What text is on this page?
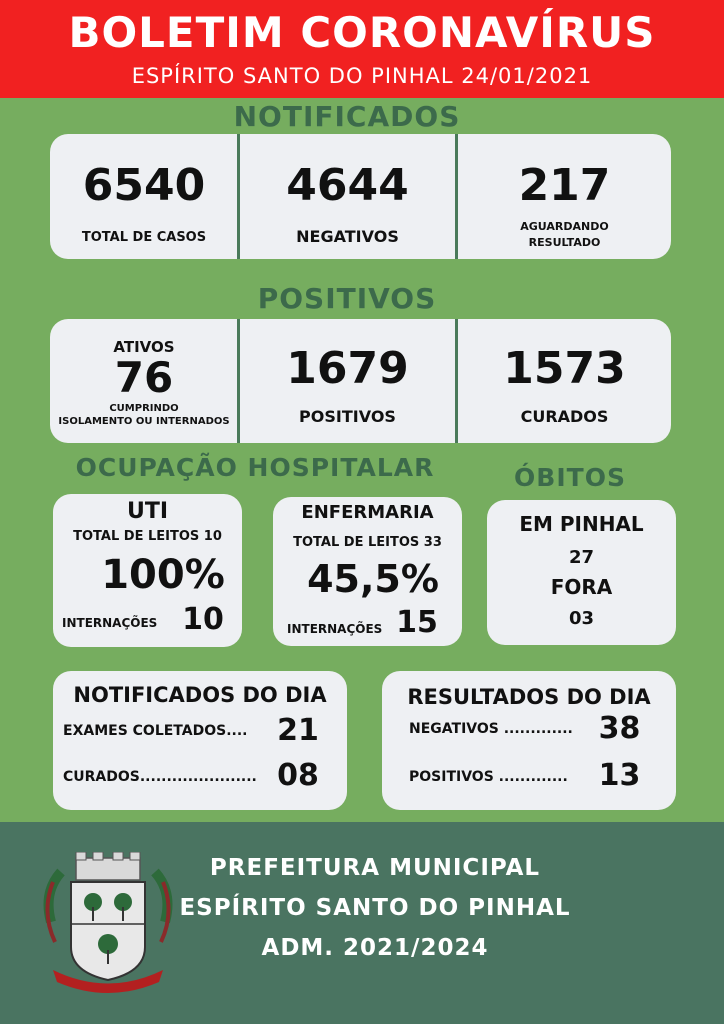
BOLETIM CORONAVÍRUS
ESPÍRITO SANTO DO PINHAL 24/01/2021
NOTIFICADOS
6540
TOTAL DE CASOS
4644
NEGATIVOS
217
AGUARDANDO
RESULTADO
POSITIVOS
ATIVOS
76
CUMPRINDO
ISOLAMENTO OU INTERNADOS
1679
POSITIVOS
1573
CURADOS
OCUPAÇÃO HOSPITALAR	ÓBITOS
UTI
TOTAL DE LEITOS 10
100%
INTERNAÇÕES 10
ENFERMARIA
TOTAL DE LEITOS 33
45,5%
INTERNAÇÕES 15
EM PINHAL
27
FORA
03
NOTIFICADOS DO DIA
EXAMES COLETADOS.... 21
CURADOS...................... 08
RESULTADOS DO DIA
NEGATIVOS ............. 38
POSITIVOS .............	13
PREFEITURA MUNICIPAL
ESPÍRITO SANTO DO PINHAL
ADM. 2021/2024
